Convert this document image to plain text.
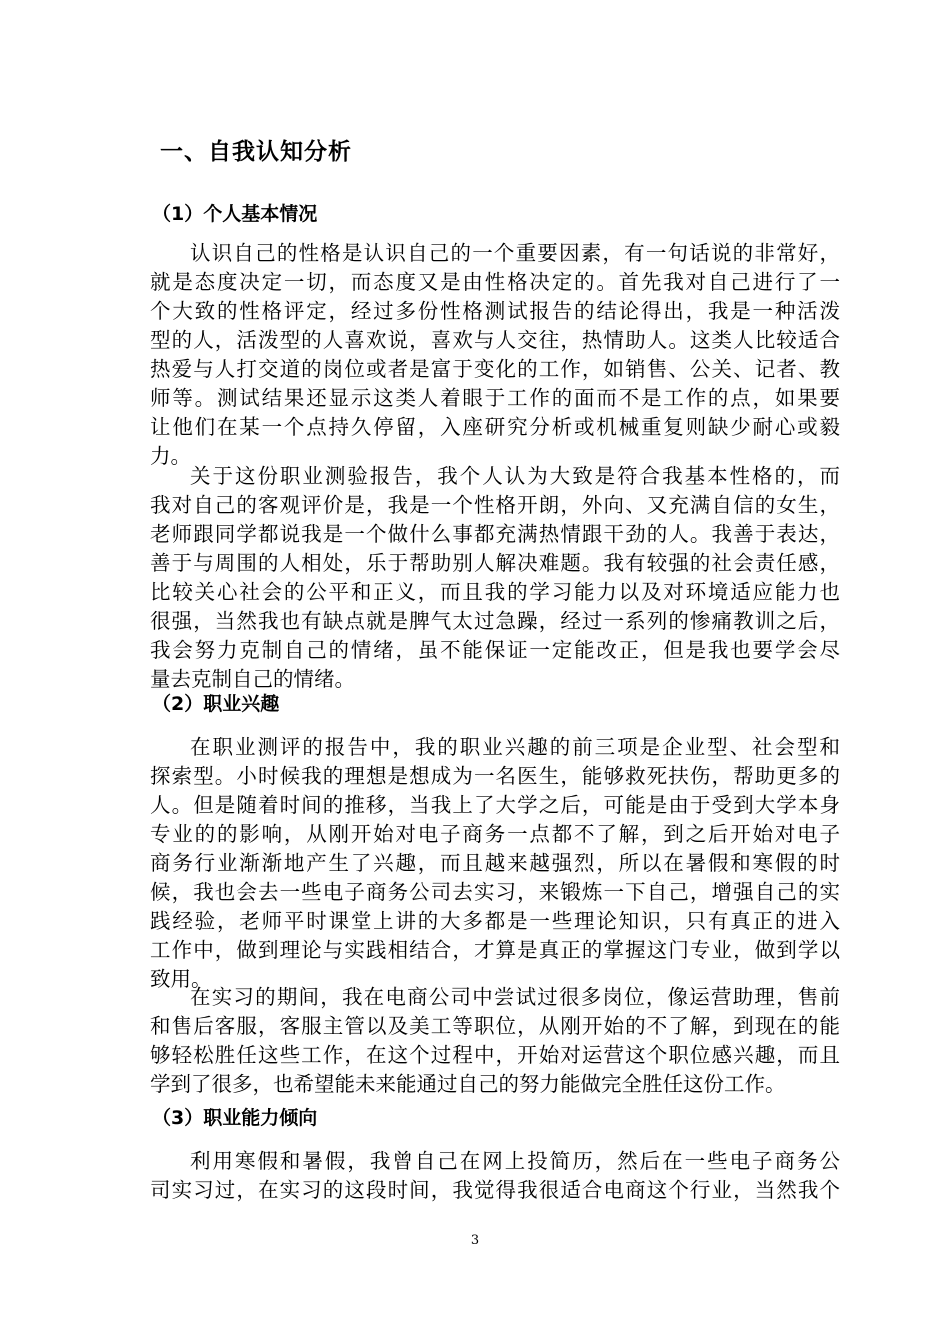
一、自我认知分析
（1）个人基本情况
认识自己的性格是认识自己的一个重要因素，有一句话说的非常好，
就是态度决定一切，而态度又是由性格决定的。首先我对自己进行了一
个大致的性格评定，经过多份性格测试报告的结论得出，我是一种活泼
型的人，活泼型的人喜欢说，喜欢与人交往，热情助人。这类人比较适合
热爱与人打交道的岗位或者是富于变化的工作，如销售、公关、记者、教
师等。测试结果还显示这类人着眼于工作的面而不是工作的点，如果要
让他们在某一个点持久停留，入座研究分析或机械重复则缺少耐心或毅
力。
关于这份职业测验报告，我个人认为大致是符合我基本性格的，而
我对自己的客观评价是，我是一个性格开朗，外向、又充满自信的女生，
老师跟同学都说我是一个做什么事都充满热情跟干劲的人。我善于表达，
善于与周围的人相处，乐于帮助别人解决难题。我有较强的社会责任感，
比较关心社会的公平和正义，而且我的学习能力以及对环境适应能力也
很强，当然我也有缺点就是脾气太过急躁，经过一系列的惨痛教训之后，
我会努力克制自己的情绪，虽不能保证一定能改正，但是我也要学会尽
量去克制自己的情绪。
（2）职业兴趣
在职业测评的报告中，我的职业兴趣的前三项是企业型、社会型和
探索型。小时候我的理想是想成为一名医生，能够救死扶伤，帮助更多的
人。但是随着时间的推移，当我上了大学之后，可能是由于受到大学本身
专业的的影响，从刚开始对电子商务一点都不了解，到之后开始对电子
商务行业渐渐地产生了兴趣，而且越来越强烈，所以在暑假和寒假的时
候，我也会去一些电子商务公司去实习，来锻炼一下自己，增强自己的实
践经验，老师平时课堂上讲的大多都是一些理论知识，只有真正的进入
工作中，做到理论与实践相结合，才算是真正的掌握这门专业，做到学以
致用。
在实习的期间，我在电商公司中尝试过很多岗位，像运营助理，售前
和售后客服，客服主管以及美工等职位，从刚开始的不了解，到现在的能
够轻松胜任这些工作，在这个过程中，开始对运营这个职位感兴趣，而且
学到了很多，也希望能未来能通过自己的努力能做完全胜任这份工作。
（3）职业能力倾向
利用寒假和暑假，我曾自己在网上投简历，然后在一些电子商务公
司实习过，在实习的这段时间，我觉得我很适合电商这个行业，当然我个
3
